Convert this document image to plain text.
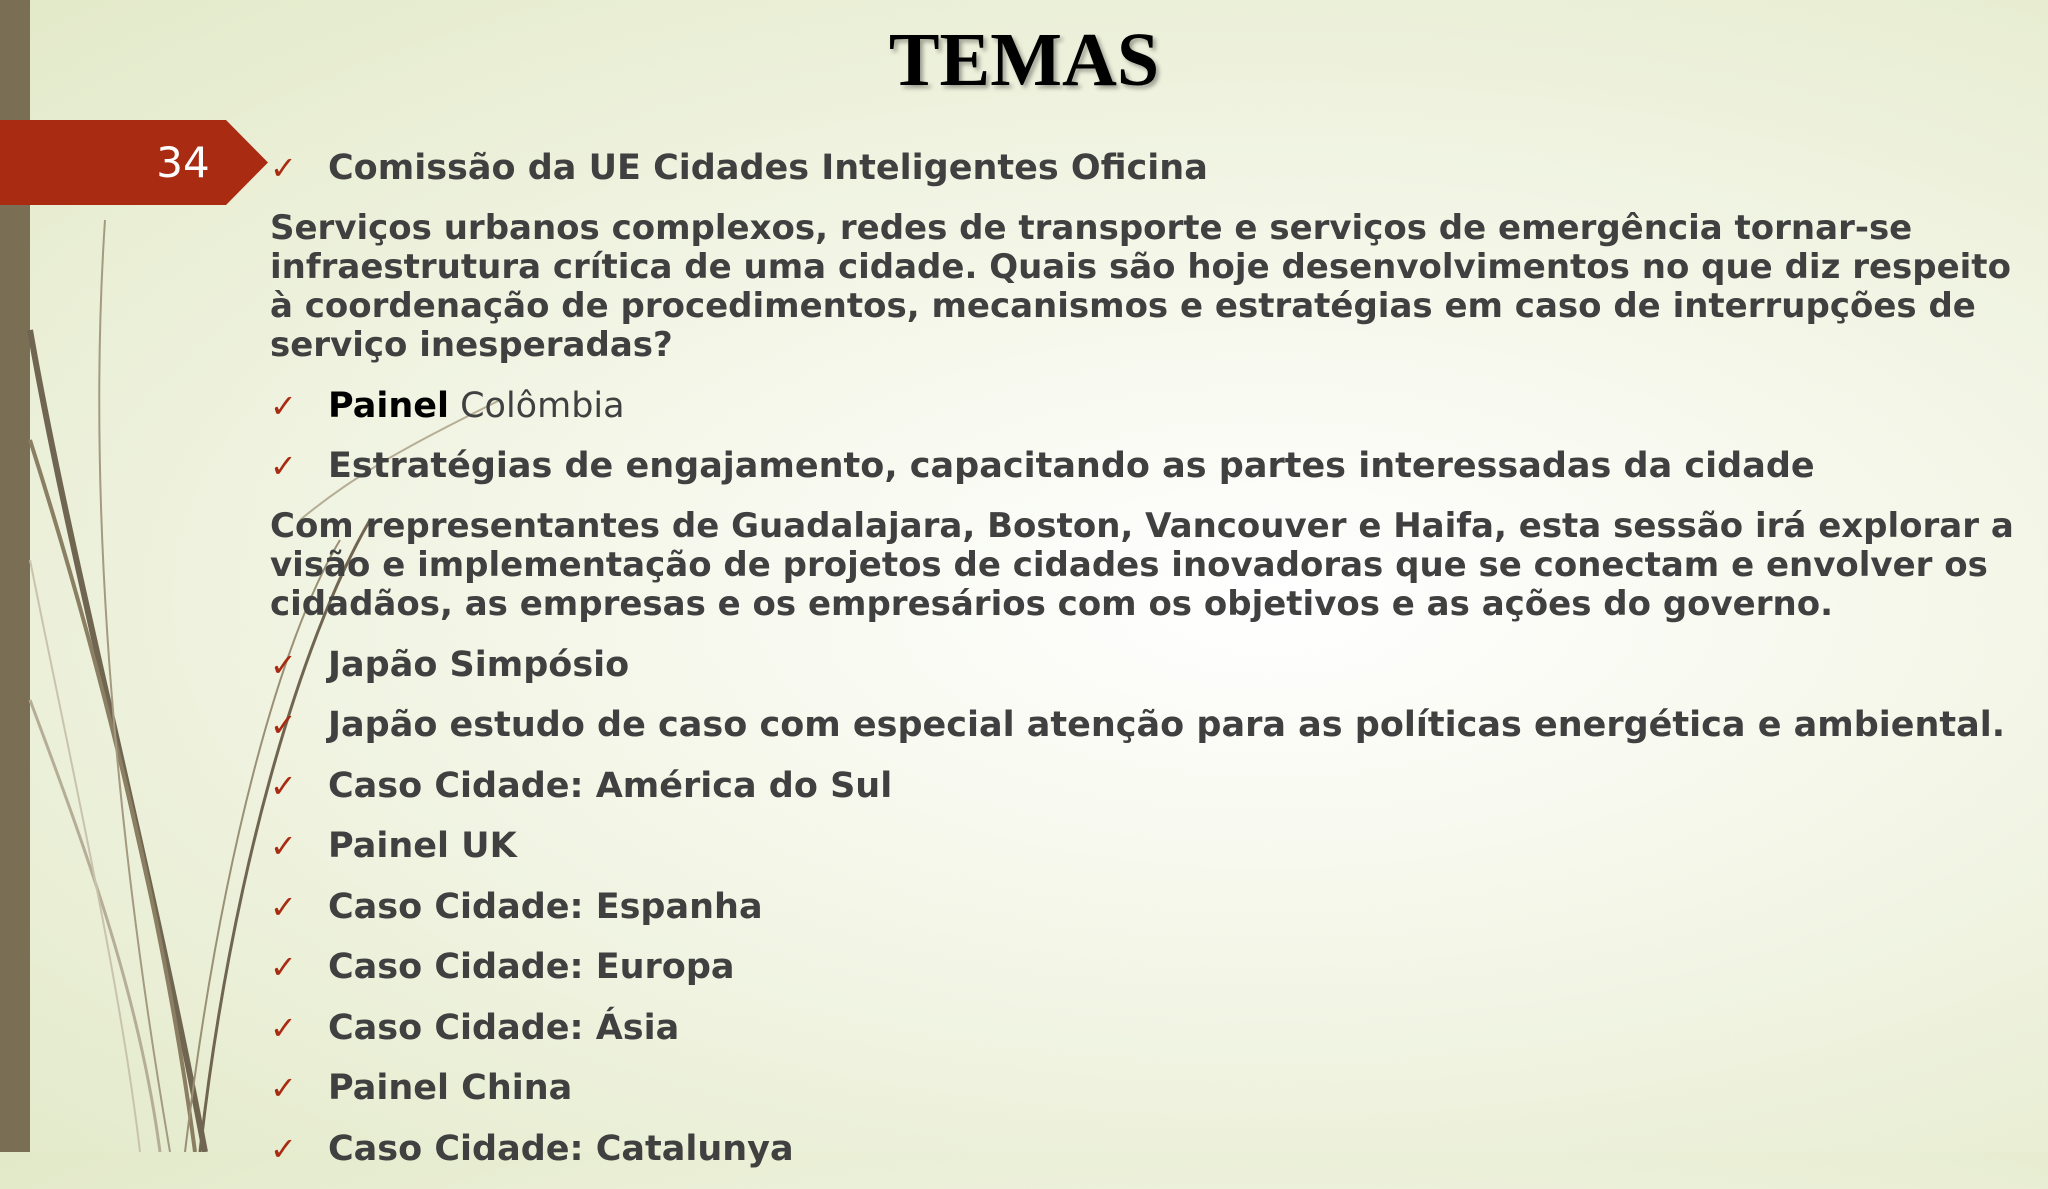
34
TEMAS
✓ Comissão da UE Cidades Inteligentes Oficina
Serviços urbanos complexos, redes de transporte e serviços de emergência tornar-se infraestrutura crítica de uma cidade. Quais são hoje desenvolvimentos no que diz respeito à coordenação de procedimentos, mecanismos e estratégias em caso de interrupções de serviço inesperadas?
✓ Painel Colômbia
✓ Estratégias de engajamento, capacitando as partes interessadas da cidade
Com representantes de Guadalajara, Boston, Vancouver e Haifa, esta sessão irá explorar a visão e implementação de projetos de cidades inovadoras que se conectam e envolver os cidadãos, as empresas e os empresários com os objetivos e as ações do governo.
✓ Japão Simpósio
✓ Japão estudo de caso com especial atenção para as políticas energética e ambiental.
✓ Caso Cidade: América do Sul
✓ Painel UK
✓ Caso Cidade: Espanha
✓ Caso Cidade: Europa
✓ Caso Cidade: Ásia
✓ Painel China
✓ Caso Cidade: Catalunya
